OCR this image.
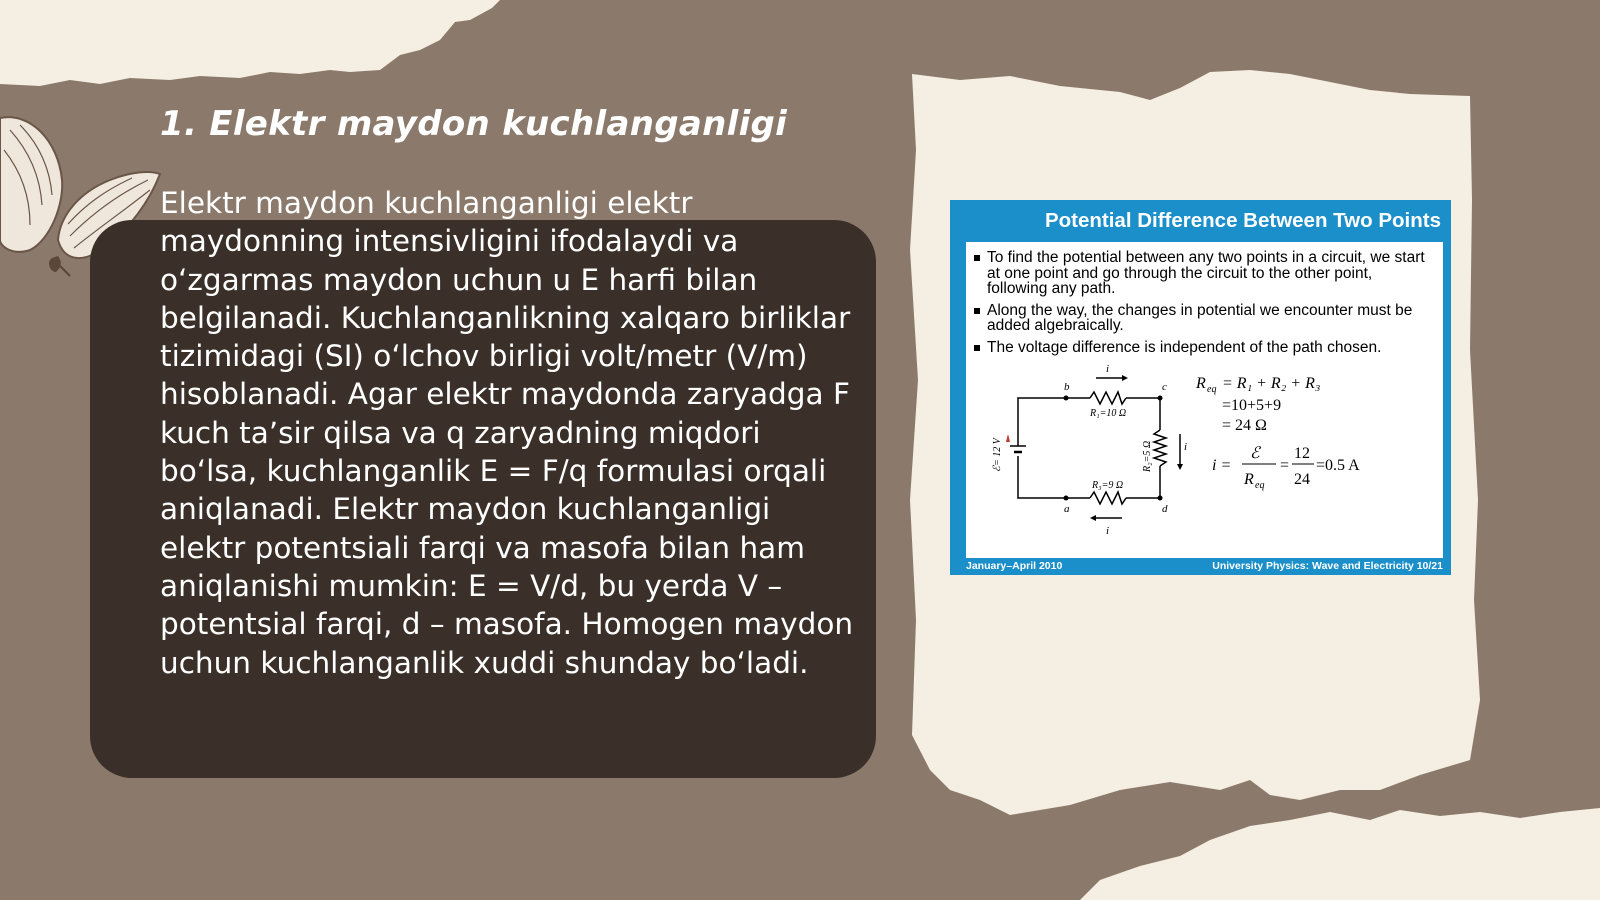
1. Elektr maydon kuchlanganligi

Elektr maydon kuchlanganligi elektr maydonning intensivligini ifodalaydi va o‘zgarmas maydon uchun u E harfi bilan belgilanadi. Kuchlanganlikning xalqaro birliklar tizimidagi (SI) o‘lchov birligi volt/metr (V/m) hisoblanadi. Agar elektr maydonda zaryadga F kuch ta’sir qilsa va q zaryadning miqdori bo‘lsa, kuchlanganlik E = F/q formulasi orqali aniqlanadi. Elektr maydon kuchlanganligi elektr potentsiali farqi va masofa bilan ham aniqlanishi mumkin: E = V/d, bu yerda V – potentsial farqi, d – masofa. Homogen maydon uchun kuchlanganlik xuddi shunday bo‘ladi.

Potential Difference Between Two Points
To find the potential between any two points in a circuit, we start at one point and go through the circuit to the other point, following any path.
Along the way, the changes in potential we encounter must be added algebraically.
The voltage difference is independent of the path chosen.
b	c
a	d
i
i
i
R₁=10 Ω
R₃=9 Ω
R₂=5 Ω
ℰ= 12 V
R eq = R₁ + R₂ + R₃
=10+5+9
= 24 Ω
i =
ℰ
R eq
=
12
24
=0.5 A
January–April 2010	University Physics: Wave and Electricity 10/21
